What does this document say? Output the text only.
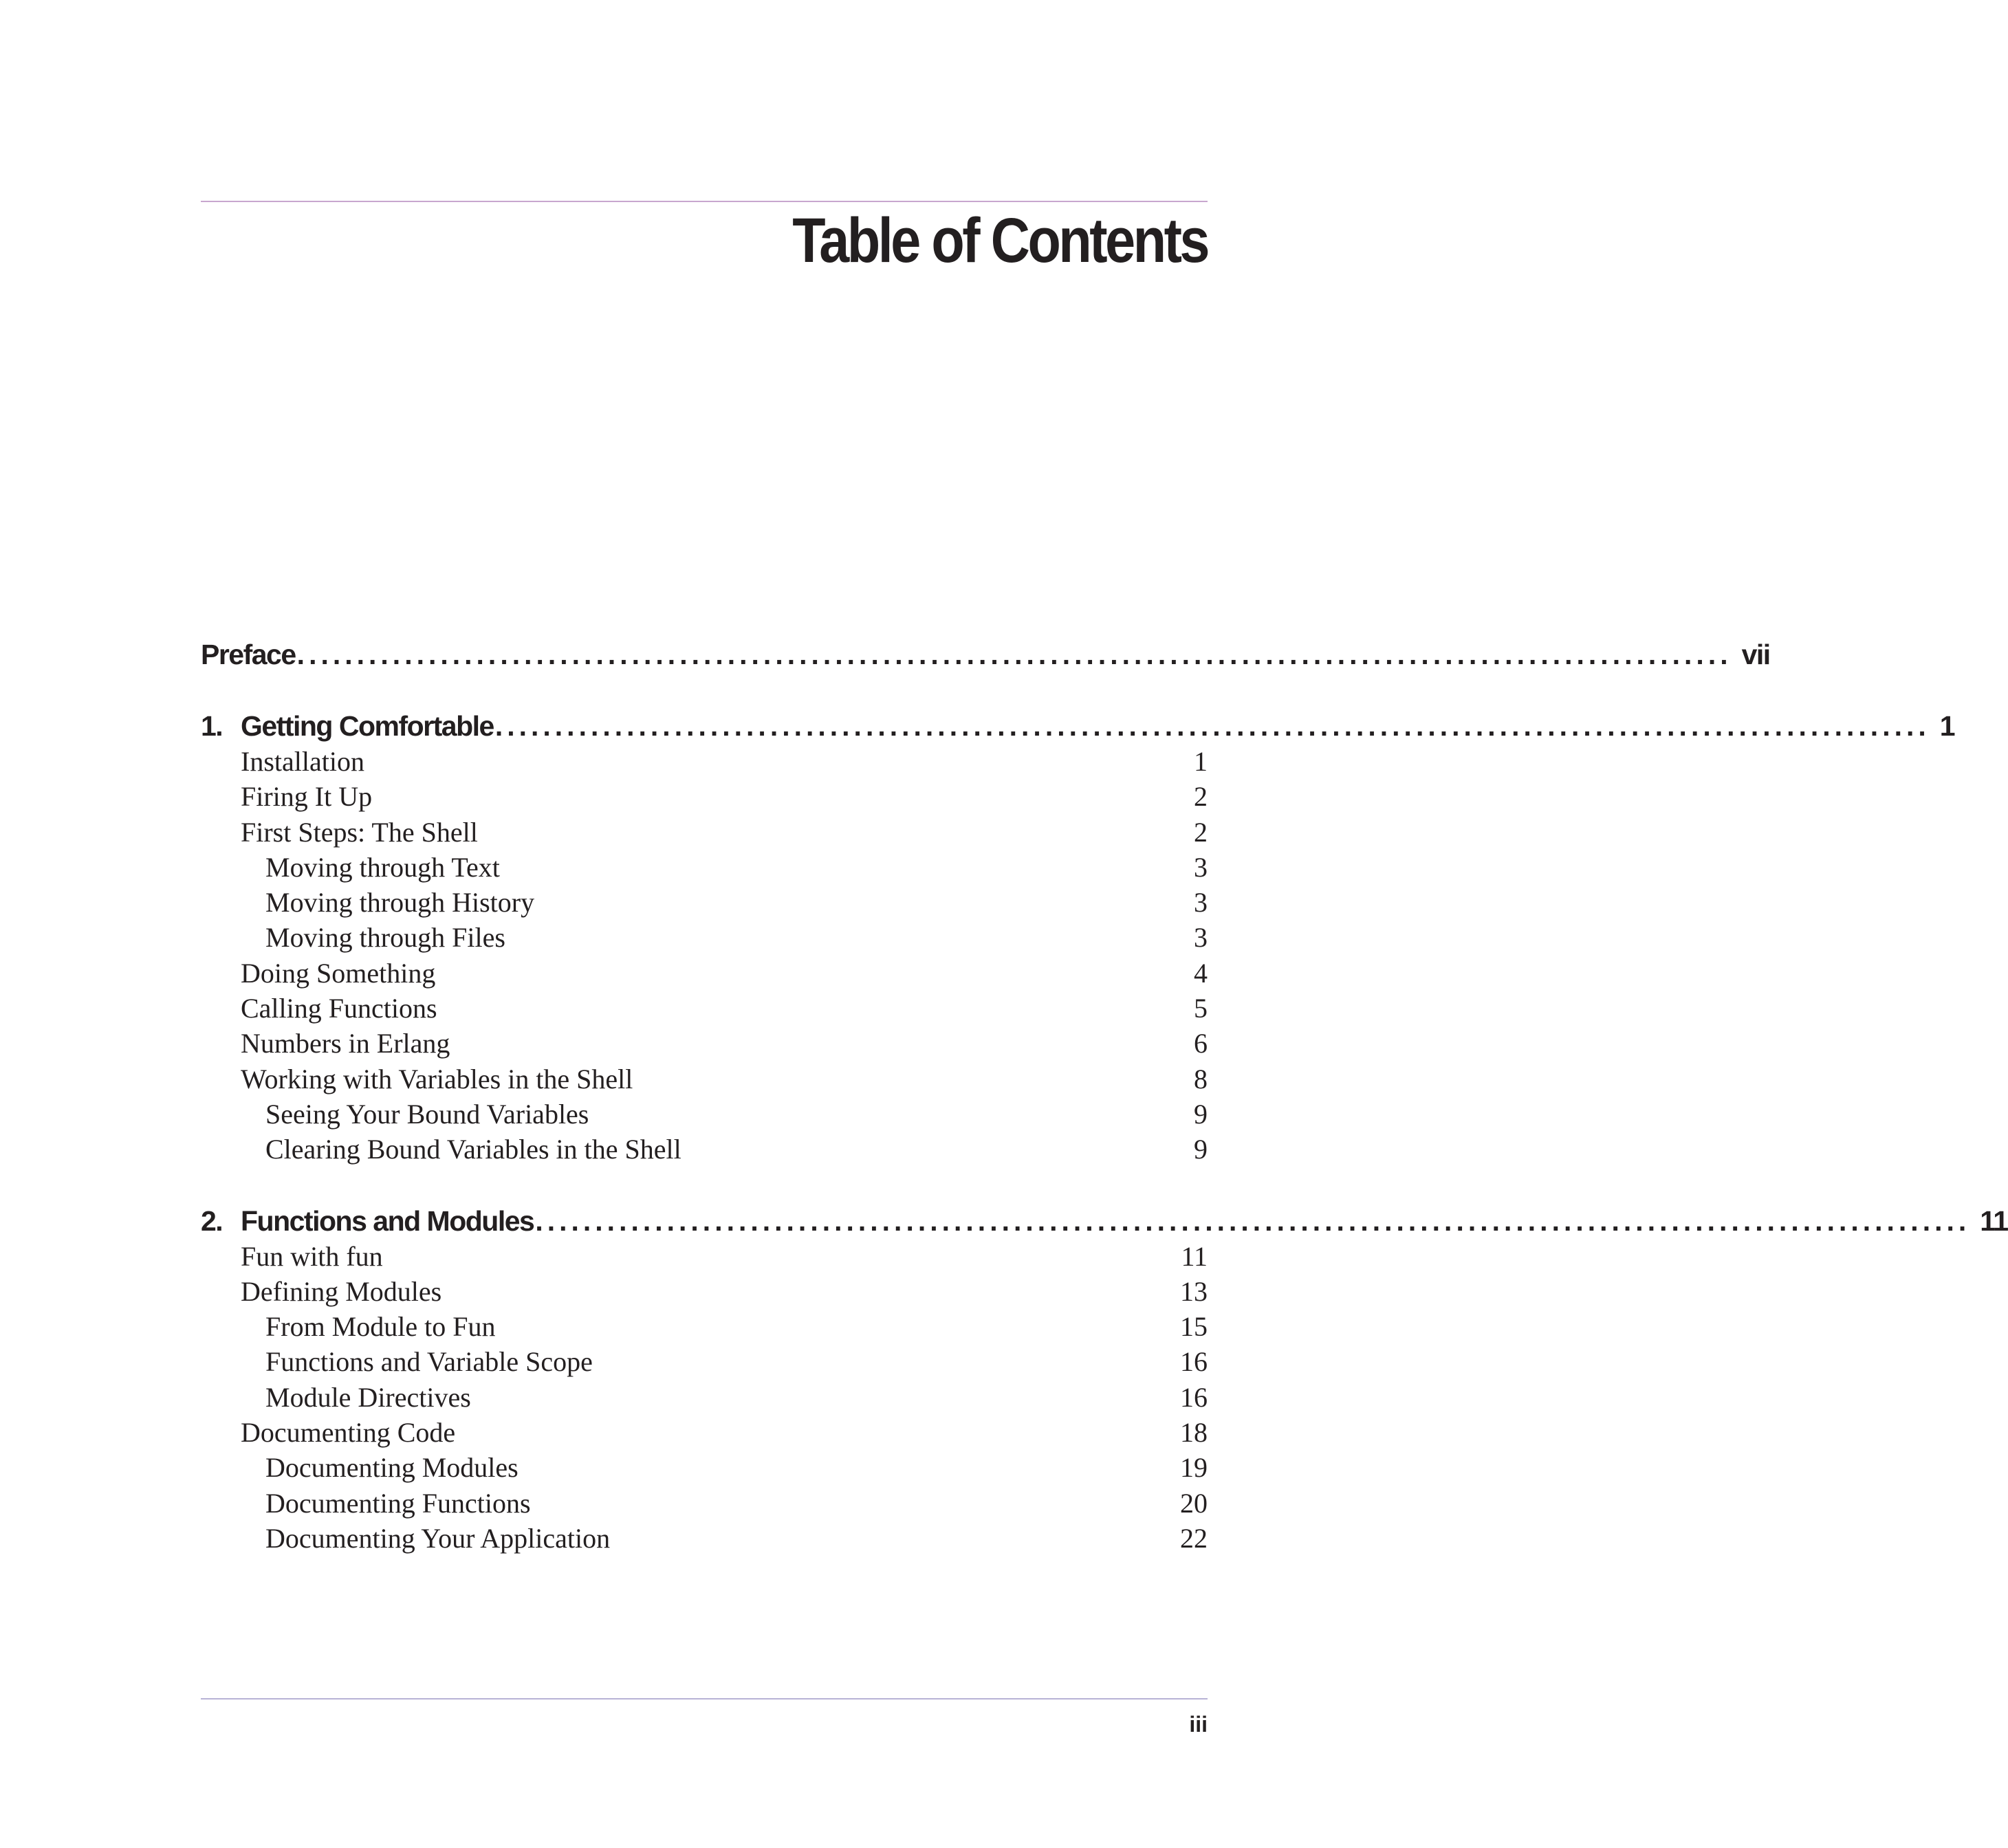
Table of Contents
Preface ........................................................................................................................ vii
1. Getting Comfortable ........................................................................................................................ 1
Installation	1
Firing It Up	2
First Steps: The Shell	2
Moving through Text	3
Moving through History	3
Moving through Files	3
Doing Something	4
Calling Functions	5
Numbers in Erlang	6
Working with Variables in the Shell	8
Seeing Your Bound Variables	9
Clearing Bound Variables in the Shell	9
2. Functions and Modules ........................................................................................................................ 11
Fun with fun	11
Defining Modules	13
From Module to Fun	15
Functions and Variable Scope	16
Module Directives	16
Documenting Code	18
Documenting Modules	19
Documenting Functions	20
Documenting Your Application	22
iii
